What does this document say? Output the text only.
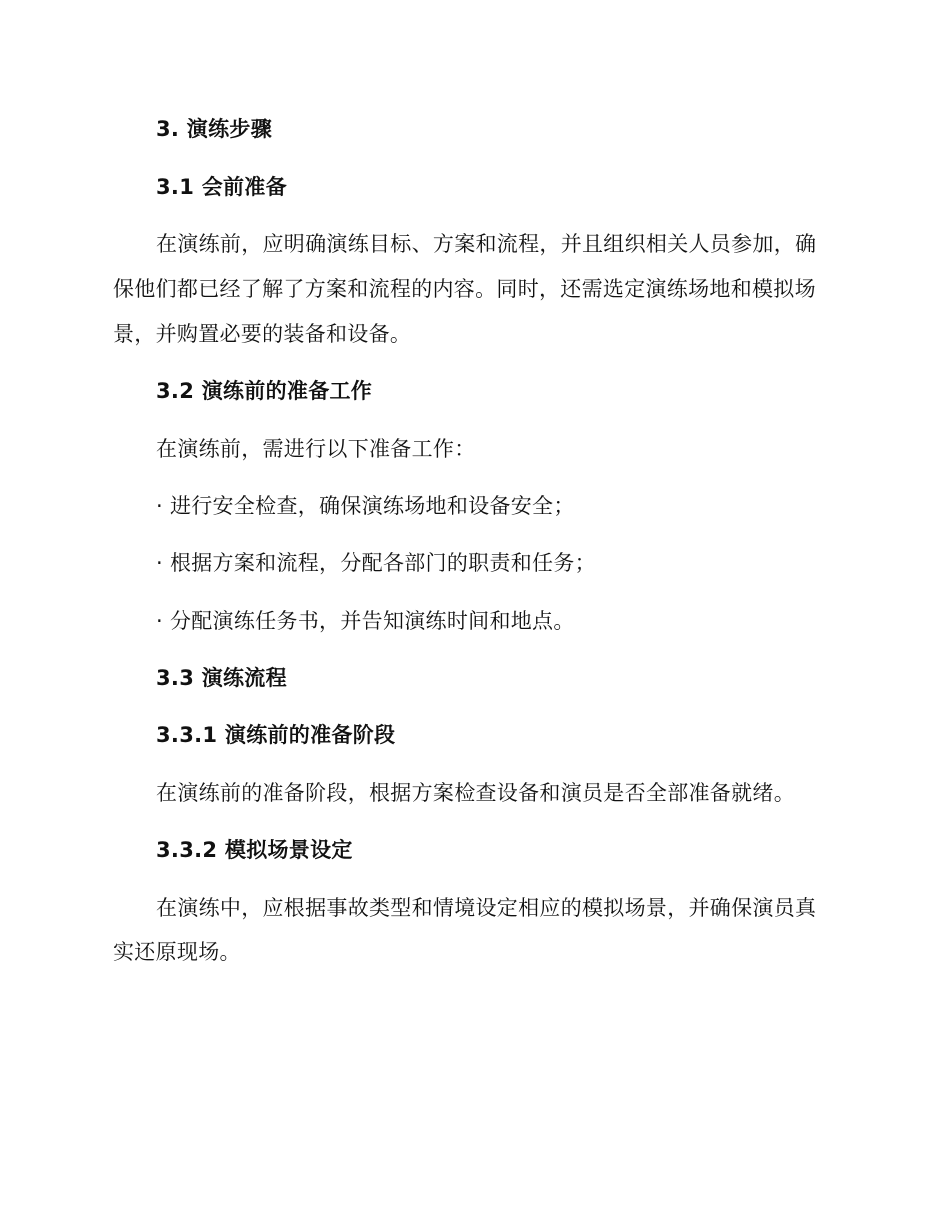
3. 演练步骤
3.1 会前准备
在演练前，应明确演练目标、方案和流程，并且组织相关人员参加，确
保他们都已经了解了方案和流程的内容。同时，还需选定演练场地和模拟场
景，并购置必要的装备和设备。
3.2 演练前的准备工作
在演练前，需进行以下准备工作：
· 进行安全检查，确保演练场地和设备安全；
· 根据方案和流程，分配各部门的职责和任务；
· 分配演练任务书，并告知演练时间和地点。
3.3 演练流程
3.3.1 演练前的准备阶段
在演练前的准备阶段，根据方案检查设备和演员是否全部准备就绪。
3.3.2 模拟场景设定
在演练中，应根据事故类型和情境设定相应的模拟场景，并确保演员真
实还原现场。
